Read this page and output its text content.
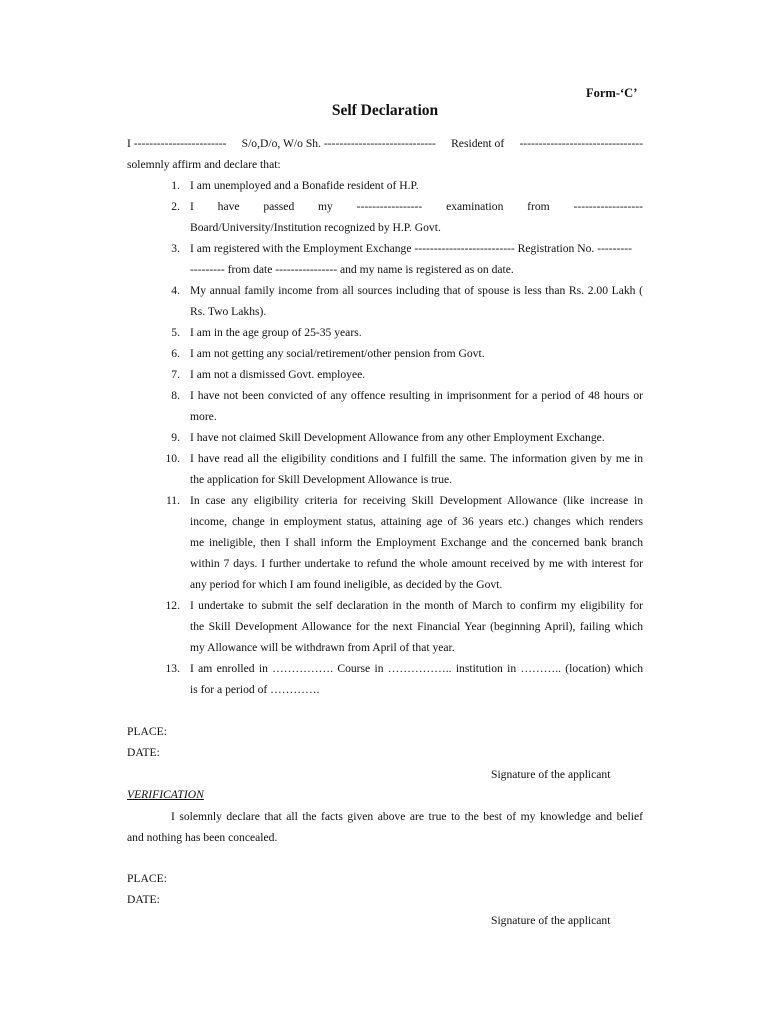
Form-‘C’
Self Declaration
I ------------------------ S/o,D/o, W/o Sh. ----------------------------- Resident of --------------------------------
solemnly affirm and declare that:
1. I am unemployed and a Bonafide resident of H.P.
2. I have passed my ----------------- examination from ------------------
Board/University/Institution recognized by H.P. Govt.
3. I am registered with the Employment Exchange -------------------------- Registration No. ---------
--------- from date ---------------- and my name is registered as on date.
4. My annual family income from all sources including that of spouse is less than Rs. 2.00 Lakh (
Rs. Two Lakhs).
5. I am in the age group of 25-35 years.
6. I am not getting any social/retirement/other pension from Govt.
7. I am not a dismissed Govt. employee.
8. I have not been convicted of any offence resulting in imprisonment for a period of 48 hours or
more.
9. I have not claimed Skill Development Allowance from any other Employment Exchange.
10. I have read all the eligibility conditions and I fulfill the same. The information given by me in
the application for Skill Development Allowance is true.
11. In case any eligibility criteria for receiving Skill Development Allowance (like increase in
income, change in employment status, attaining age of 36 years etc.) changes which renders
me ineligible, then I shall inform the Employment Exchange and the concerned bank branch
within 7 days. I further undertake to refund the whole amount received by me with interest for
any period for which I am found ineligible, as decided by the Govt.
12. I undertake to submit the self declaration in the month of March to confirm my eligibility for
the Skill Development Allowance for the next Financial Year (beginning April), failing which
my Allowance will be withdrawn from April of that year.
13. I am enrolled in ……………. Course in …………….. institution in ……….. (location) which
is for a period of ………….
PLACE:
DATE:
Signature of the applicant
VERIFICATION
I solemnly declare that all the facts given above are true to the best of my knowledge and belief
and nothing has been concealed.
PLACE:
DATE:
Signature of the applicant
